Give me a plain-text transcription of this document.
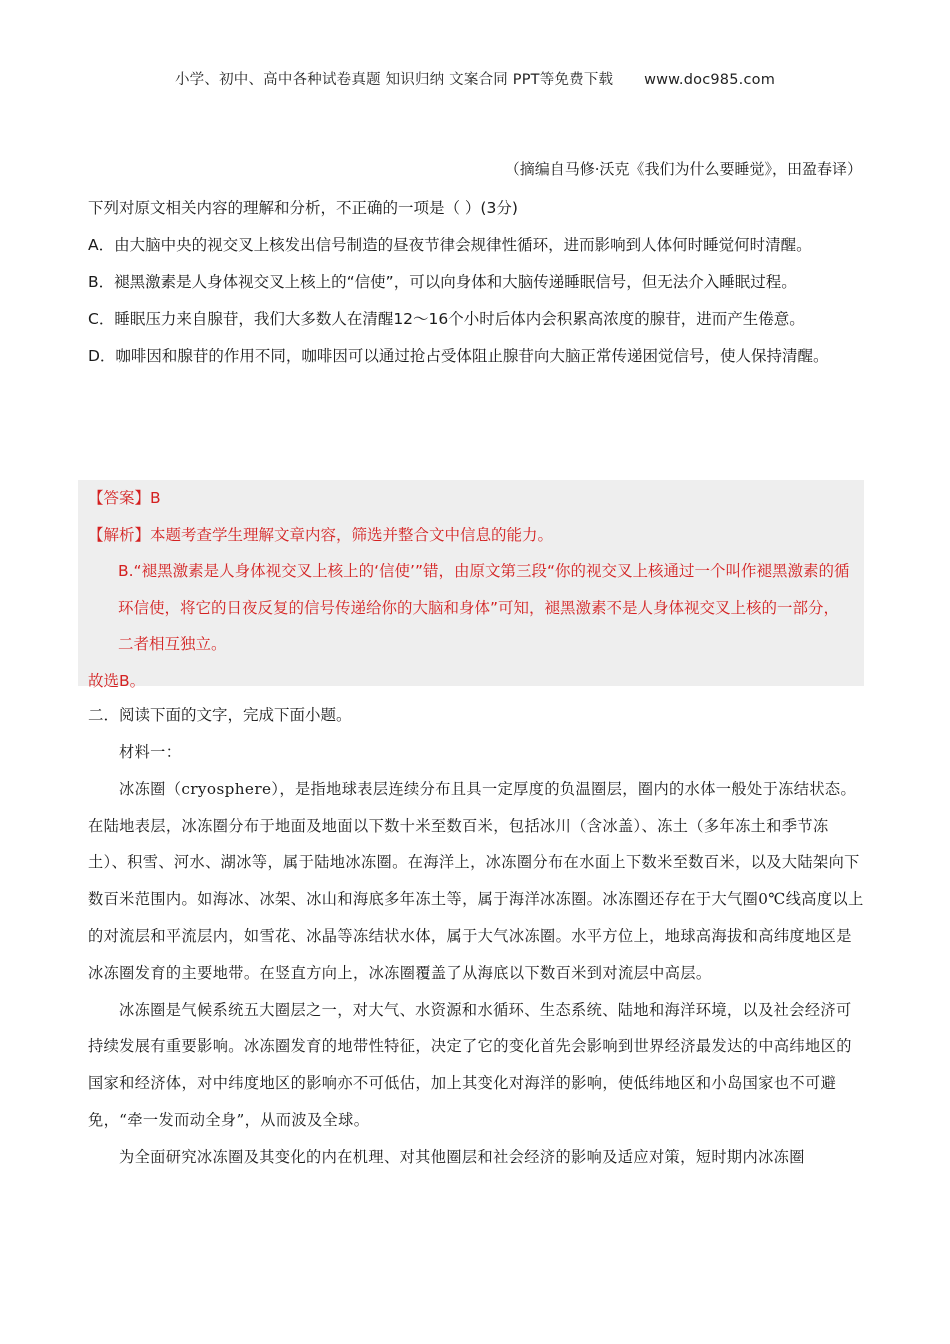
小学、初中、高中各种试卷真题 知识归纳 文案合同 PPT等免费下载 www.doc985.com
（摘编自马修·沃克《我们为什么要睡觉》，田盈春译）

下列对原文相关内容的理解和分析，不正确的一项是（ ）(3分)

A．由大脑中央的视交叉上核发出信号制造的昼夜节律会规律性循环，进而影响到人体何时睡觉何时清醒。

B．褪黑激素是人身体视交叉上核上的“信使”，可以向身体和大脑传递睡眠信号，但无法介入睡眠过程。

C．睡眠压力来自腺苷，我们大多数人在清醒12～16个小时后体内会积累高浓度的腺苷，进而产生倦意。

D．咖啡因和腺苷的作用不同，咖啡因可以通过抢占受体阻止腺苷向大脑正常传递困觉信号，使人保持清醒。

【答案】B

【解析】本题考查学生理解文章内容，筛选并整合文中信息的能力。

B.“褪黑激素是人身体视交叉上核上的‘信使’”错，由原文第三段“你的视交叉上核通过一个叫作褪黑激素的循环信使，将它的日夜反复的信号传递给你的大脑和身体”可知，褪黑激素不是人身体视交叉上核的一部分，二者相互独立。

故选B。

二．阅读下面的文字，完成下面小题。

材料一：

冰冻圈（cryosphere），是指地球表层连续分布且具一定厚度的负温圈层，圈内的水体一般处于冻结状态。在陆地表层，冰冻圈分布于地面及地面以下数十米至数百米，包括冰川（含冰盖）、冻土（多年冻土和季节冻土）、积雪、河水、湖冰等，属于陆地冰冻圈。在海洋上，冰冻圈分布在水面上下数米至数百米，以及大陆架向下数百米范围内。如海冰、冰架、冰山和海底多年冻土等，属于海洋冰冻圈。冰冻圈还存在于大气圈0℃线高度以上的对流层和平流层内，如雪花、冰晶等冻结状水体，属于大气冰冻圈。水平方位上，地球高海拔和高纬度地区是冰冻圈发育的主要地带。在竖直方向上，冰冻圈覆盖了从海底以下数百米到对流层中高层。

冰冻圈是气候系统五大圈层之一，对大气、水资源和水循环、生态系统、陆地和海洋环境，以及社会经济可持续发展有重要影响。冰冻圈发育的地带性特征，决定了它的变化首先会影响到世界经济最发达的中高纬地区的国家和经济体，对中纬度地区的影响亦不可低估，加上其变化对海洋的影响，使低纬地区和小岛国家也不可避免，“牵一发而动全身”，从而波及全球。

为全面研究冰冻圈及其变化的内在机理、对其他圈层和社会经济的影响及适应对策，短时期内冰冻圈
